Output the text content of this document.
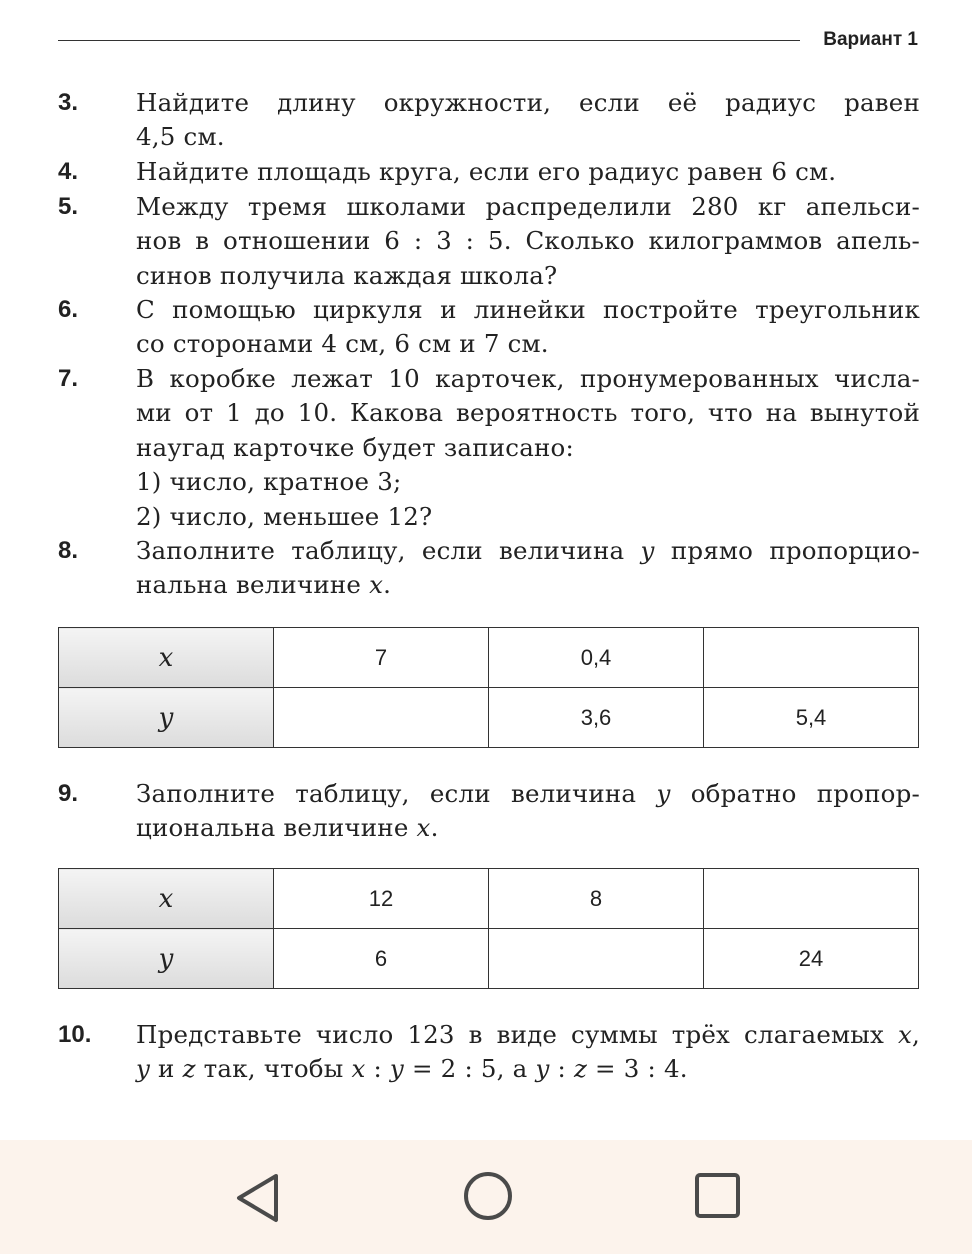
Вариант 1
3. Найдите длину окружности, если её радиус равен
4,5 см.
4. Найдите площадь круга, если его радиус равен 6 см.
5. Между тремя школами распределили 280 кг апельси-
нов в отношении 6 : 3 : 5. Сколько килограммов апель-
синов получила каждая школа?
6. С помощью циркуля и линейки постройте треугольник
со сторонами 4 см, 6 см и 7 см.
7. В коробке лежат 10 карточек, пронумерованных числа-
ми от 1 до 10. Какова вероятность того, что на вынутой
наугад карточке будет записано:
1) число, кратное 3;
2) число, меньшее 12?
8. Заполните таблицу, если величина y прямо пропорцио-
нальна величине x.
x	7	0,4	
y		3,6	5,4
9. Заполните таблицу, если величина y обратно пропор-
циональна величине x.
x	12	8	
y	6		24
10. Представьте число 123 в виде суммы трёх слагаемых x,
y и z так, чтобы x : y = 2 : 5, а y : z = 3 : 4.
